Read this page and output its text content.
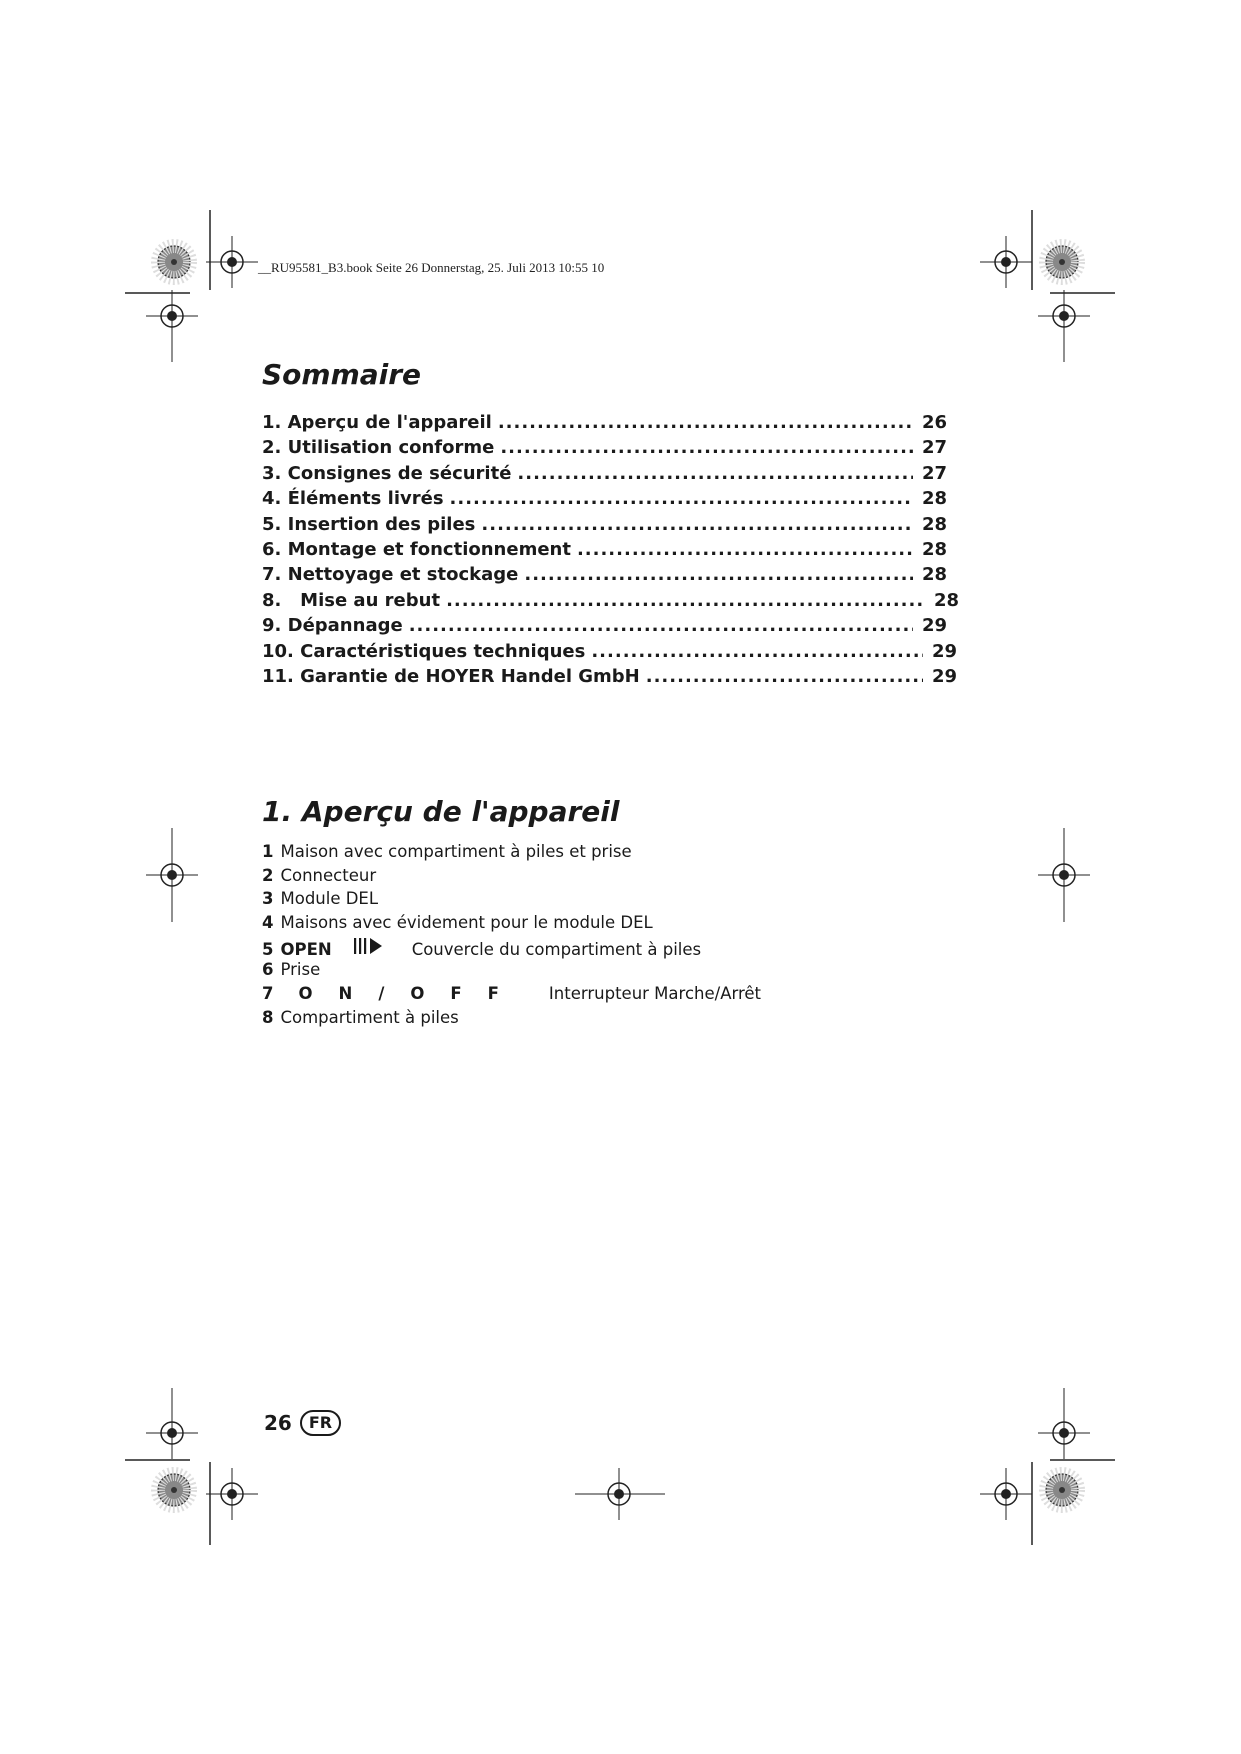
__RU95581_B3.book Seite 26 Donnerstag, 25. Juli 2013 10:55 10
Sommaire
1. Aperçu de l'appareil .....	26
2. Utilisation conforme .....	27
3. Consignes de sécurité .....	27
4. Éléments livrés .....	28
5. Insertion des piles .....	28
6. Montage et fonctionnement .....	28
7. Nettoyage et stockage .....	28
8.   Mise au rebut .....	28
9. Dépannage .....	29
10. Caractéristiques techniques .....	29
11. Garantie de HOYER Handel GmbH .....	29
1. Aperçu de l'appareil
1 Maison avec compartiment à piles et prise
2 Connecteur
3 Module DEL
4 Maisons avec évidement pour le module DEL
5 OPEN	Couvercle du compartiment à piles
6 Prise
7 ON/OFF Interrupteur Marche/Arrêt
8 Compartiment à piles
26	FR
